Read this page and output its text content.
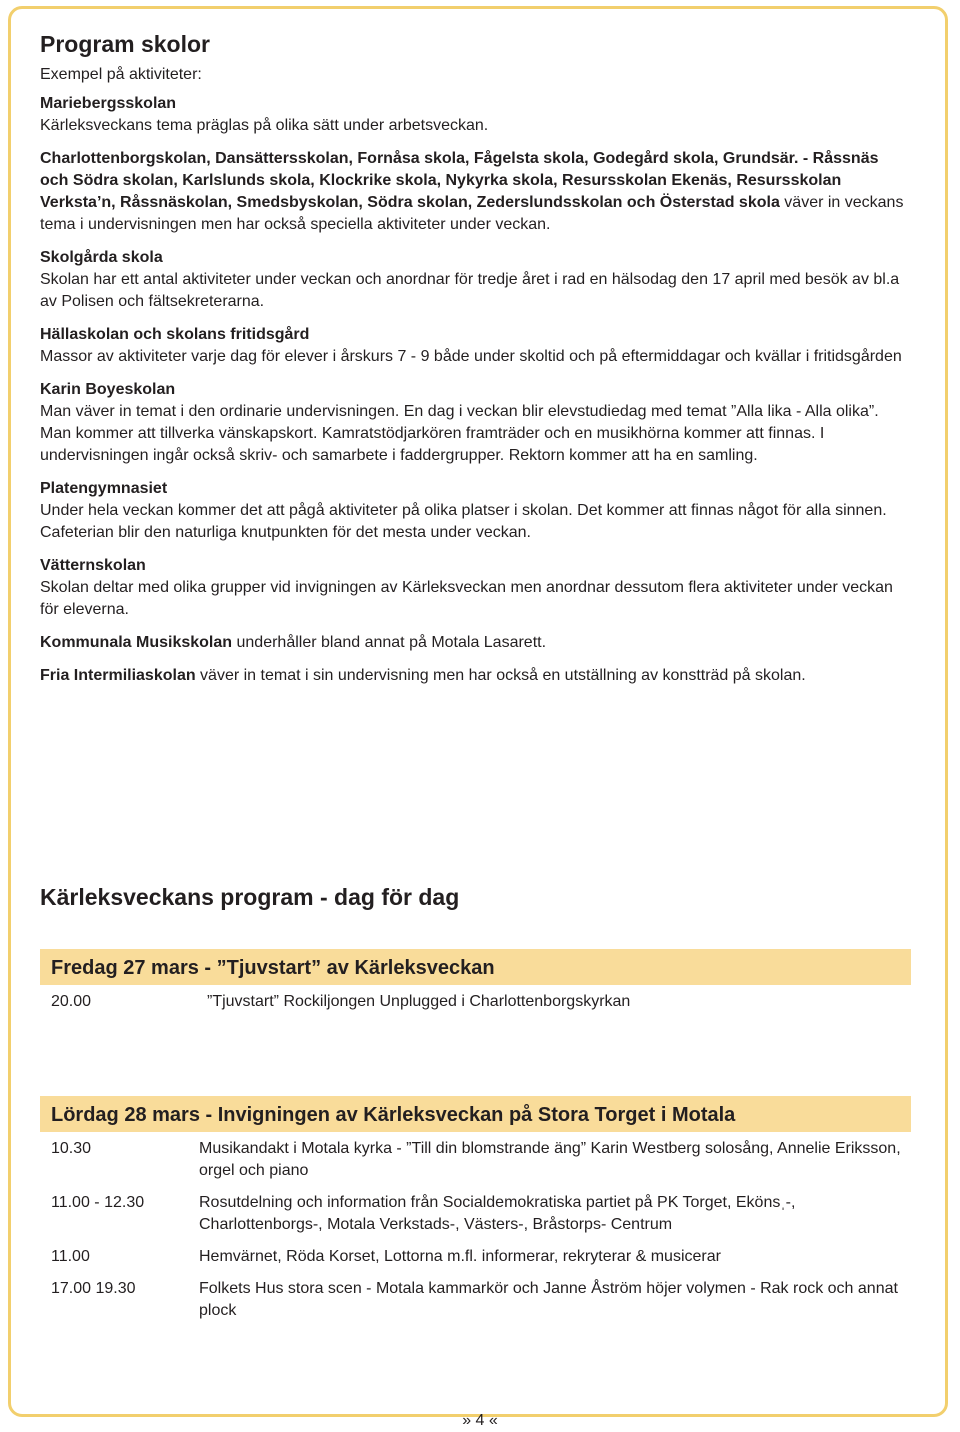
Program skolor

Exempel på aktiviteter:

Mariebergsskolan
Kärleksveckans tema präglas på olika sätt under arbetsveckan.

Charlottenborgskolan, Dansättersskolan, Fornåsa skola, Fågelsta skola, Godegård skola, Grundsär. - Råssnäs och Södra skolan, Karlslunds skola, Klockrike skola, Nykyrka skola, Resursskolan Ekenäs, Resursskolan Verksta’n, Råssnäskolan, Smedsbyskolan, Södra skolan, Zederslundsskolan och Österstad skola väver in veckans tema i undervisningen men har också speciella aktiviteter under veckan.

Skolgårda skola
Skolan har ett antal aktiviteter under veckan och anordnar för tredje året i rad en hälsodag den 17 april med besök av bl.a av Polisen och fältsekreterarna.

Hällaskolan och skolans fritidsgård
Massor av aktiviteter varje dag för elever i årskurs 7 - 9 både under skoltid och på eftermiddagar och kvällar i fritidsgården

Karin Boyeskolan
Man väver in temat i den ordinarie undervisningen. En dag i veckan blir elevstudiedag med temat ”Alla lika - Alla olika”. Man kommer att tillverka vänskapskort. Kamratstödjarkören framträder och en musikhörna kommer att finnas. I undervisningen ingår också skriv- och samarbete i faddergrupper. Rektorn kommer att ha en samling.

Platengymnasiet
Under hela veckan kommer det att pågå aktiviteter på olika platser i skolan. Det kommer att finnas något för alla sinnen. Cafeterian blir den naturliga knutpunkten för det mesta under veckan.

Vätternskolan
Skolan deltar med olika grupper vid invigningen av Kärleksveckan men anordnar dessutom flera aktiviteter under veckan för eleverna.

Kommunala Musikskolan underhåller bland annat på Motala Lasarett.

Fria Intermiliaskolan väver in temat i sin undervisning men har också en utställning av konstträd på skolan.

Kärleksveckans program - dag för dag
Fredag 27 mars - ”Tjuvstart” av Kärleksveckan
20.00	”Tjuvstart” Rockiljongen Unplugged i Charlottenborgskyrkan
Lördag 28 mars - Invigningen av Kärleksveckan på Stora Torget i Motala
10.30	Musikandakt i Motala kyrka - ”Till din blomstrande äng” Karin Westberg solosång, Annelie Eriksson, orgel och piano
11.00 - 12.30	Rosutdelning och information från Socialdemokratiska partiet på PK Torget, Ekönsˌ-, Charlottenborgs-, Motala Verkstads-, Västers-, Bråstorps- Centrum
11.00	Hemvärnet, Röda Korset, Lottorna m.fl. informerar, rekryterar & musicerar
17.00 19.30	Folkets Hus stora scen - Motala kammarkör och Janne Åström höjer volymen - Rak rock och annat plock
» 4 «
